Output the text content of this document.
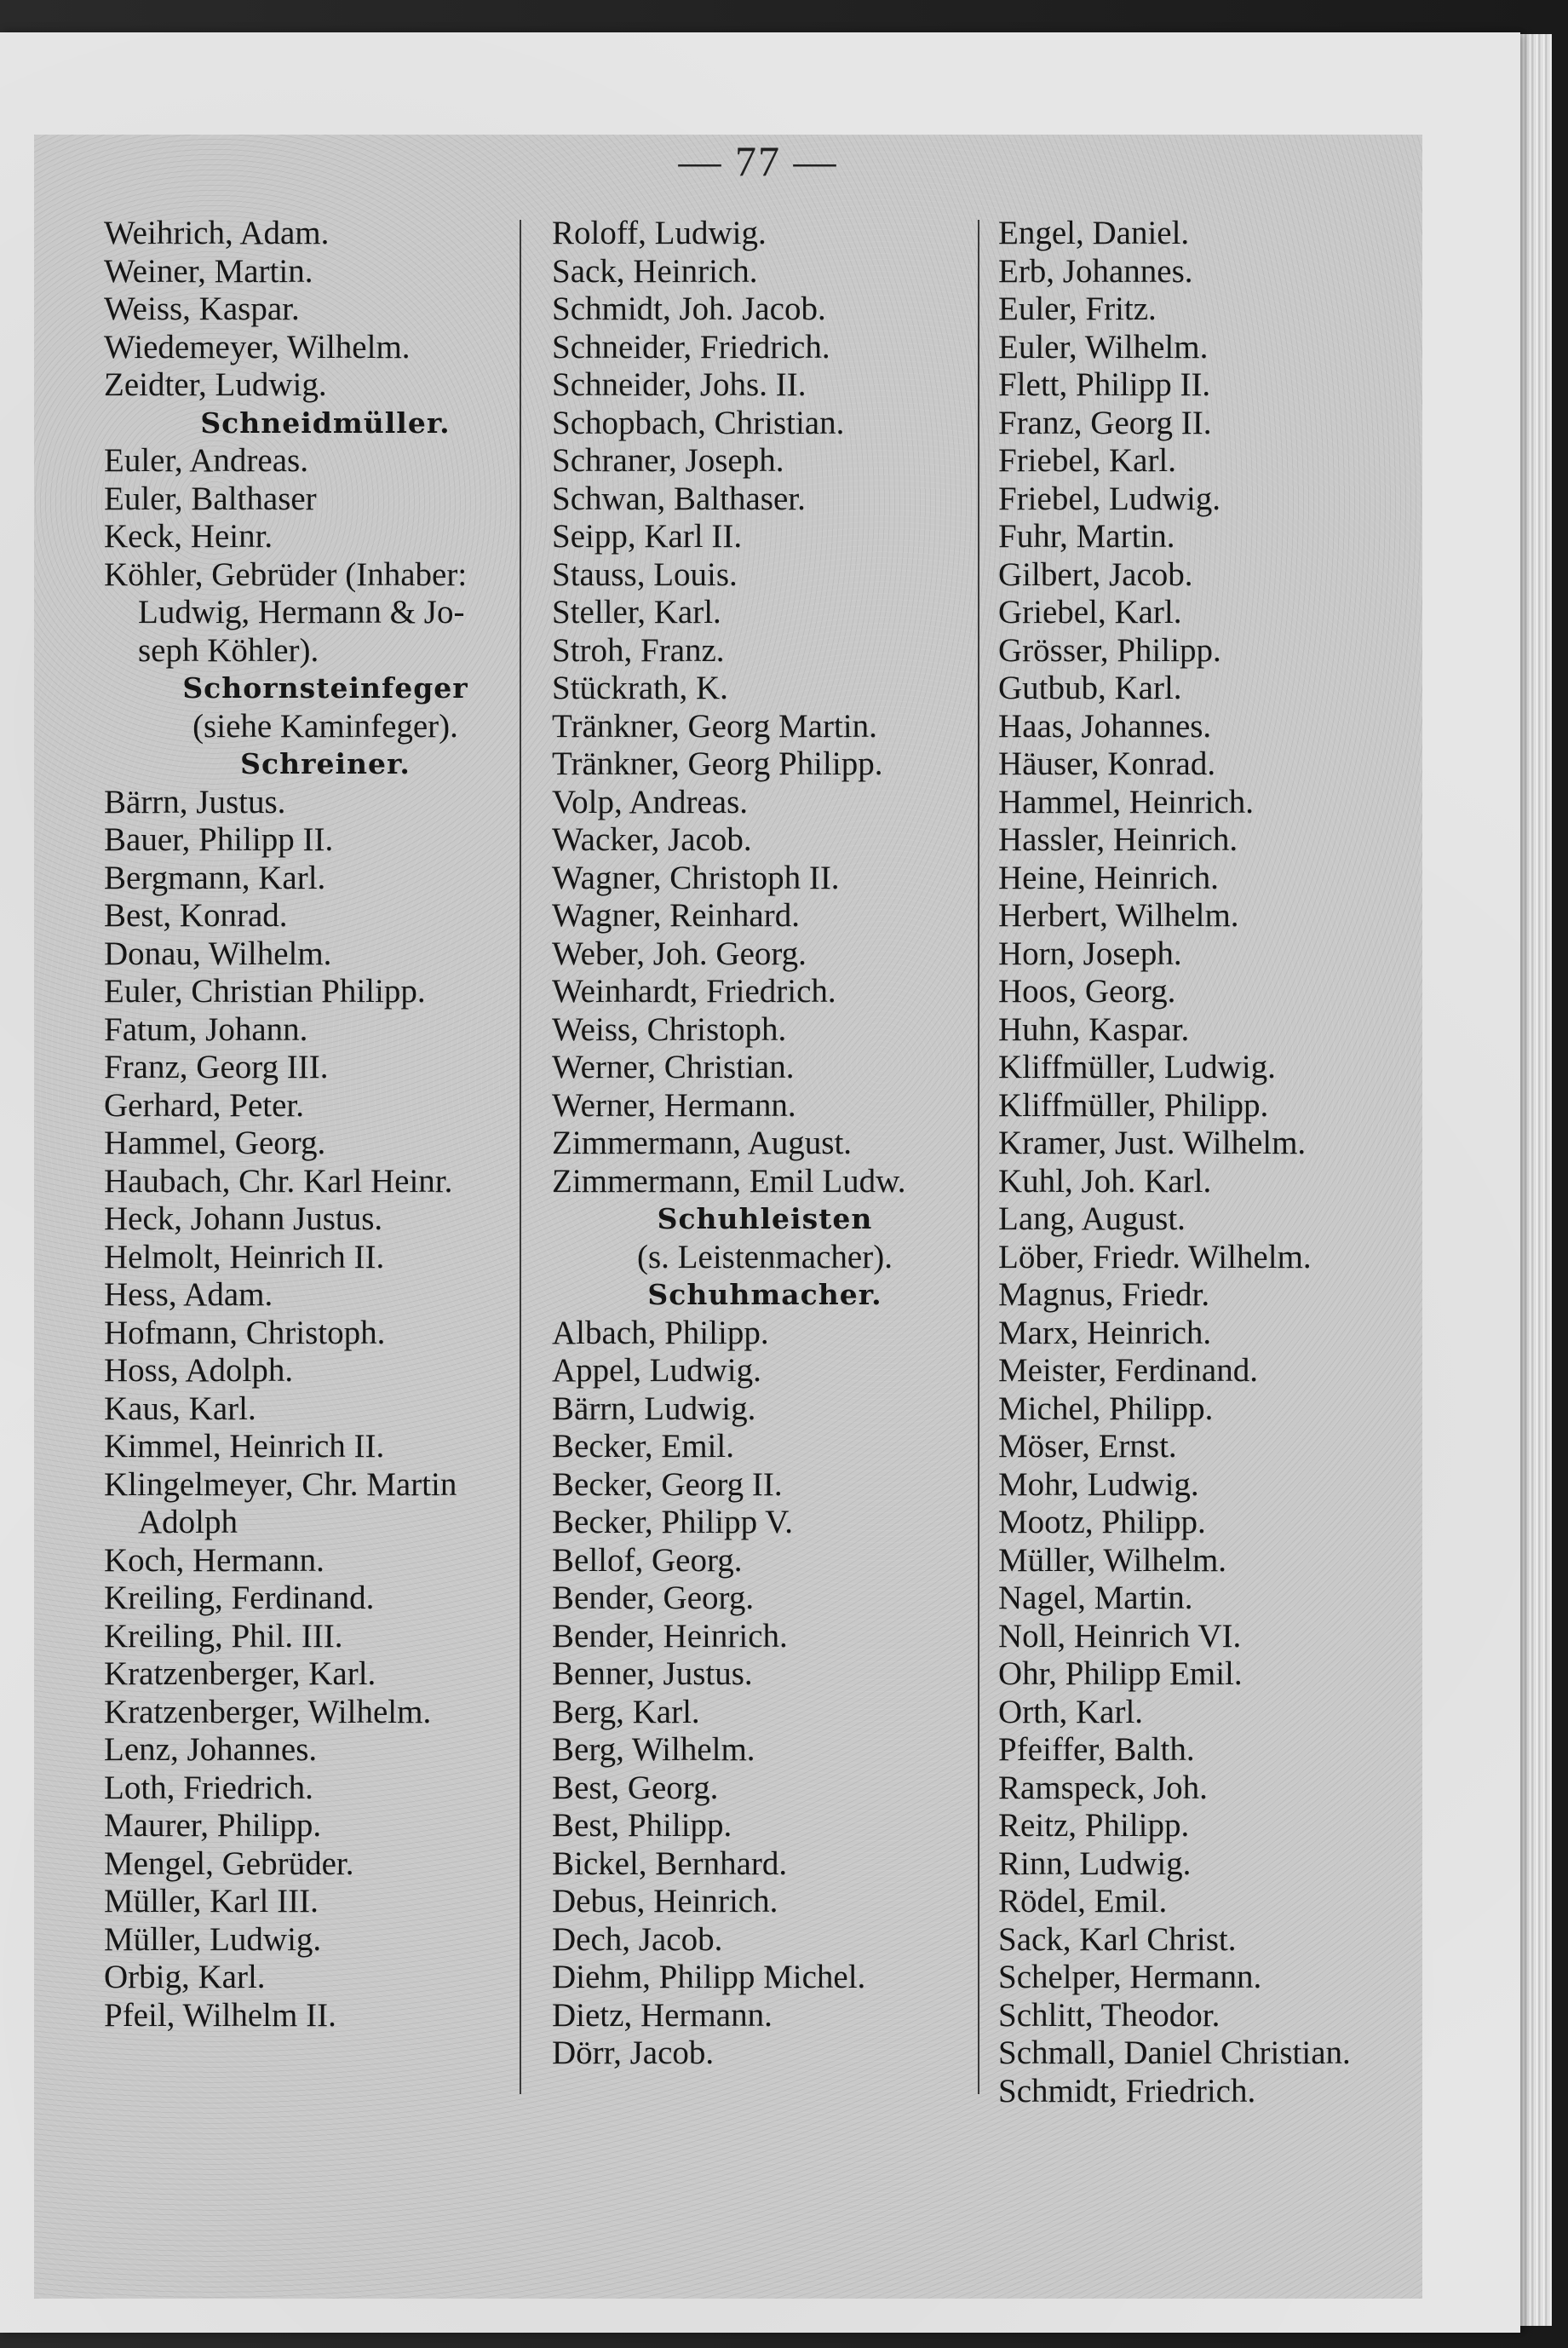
— 77 —
Weihrich, Adam.
Weiner, Martin.
Weiss, Kaspar.
Wiedemeyer, Wilhelm.
Zeidter, Ludwig.
Schneidmüller.
Euler, Andreas.
Euler, Balthaser
Keck, Heinr.
Köhler, Gebrüder (Inhaber:
Ludwig, Hermann & Jo-
seph Köhler).
Schornsteinfeger
(siehe Kaminfeger).
Schreiner.
Bärrn, Justus.
Bauer, Philipp II.
Bergmann, Karl.
Best, Konrad.
Donau, Wilhelm.
Euler, Christian Philipp.
Fatum, Johann.
Franz, Georg III.
Gerhard, Peter.
Hammel, Georg.
Haubach, Chr. Karl Heinr.
Heck, Johann Justus.
Helmolt, Heinrich II.
Hess, Adam.
Hofmann, Christoph.
Hoss, Adolph.
Kaus, Karl.
Kimmel, Heinrich II.
Klingelmeyer, Chr. Martin
Adolph
Koch, Hermann.
Kreiling, Ferdinand.
Kreiling, Phil. III.
Kratzenberger, Karl.
Kratzenberger, Wilhelm.
Lenz, Johannes.
Loth, Friedrich.
Maurer, Philipp.
Mengel, Gebrüder.
Müller, Karl III.
Müller, Ludwig.
Orbig, Karl.
Pfeil, Wilhelm II.
Roloff, Ludwig.
Sack, Heinrich.
Schmidt, Joh. Jacob.
Schneider, Friedrich.
Schneider, Johs. II.
Schopbach, Christian.
Schraner, Joseph.
Schwan, Balthaser.
Seipp, Karl II.
Stauss, Louis.
Steller, Karl.
Stroh, Franz.
Stückrath, K.
Tränkner, Georg Martin.
Tränkner, Georg Philipp.
Volp, Andreas.
Wacker, Jacob.
Wagner, Christoph II.
Wagner, Reinhard.
Weber, Joh. Georg.
Weinhardt, Friedrich.
Weiss, Christoph.
Werner, Christian.
Werner, Hermann.
Zimmermann, August.
Zimmermann, Emil Ludw.
Schuhleisten
(s. Leistenmacher).
Schuhmacher.
Albach, Philipp.
Appel, Ludwig.
Bärrn, Ludwig.
Becker, Emil.
Becker, Georg II.
Becker, Philipp V.
Bellof, Georg.
Bender, Georg.
Bender, Heinrich.
Benner, Justus.
Berg, Karl.
Berg, Wilhelm.
Best, Georg.
Best, Philipp.
Bickel, Bernhard.
Debus, Heinrich.
Dech, Jacob.
Diehm, Philipp Michel.
Dietz, Hermann.
Dörr, Jacob.
Engel, Daniel.
Erb, Johannes.
Euler, Fritz.
Euler, Wilhelm.
Flett, Philipp II.
Franz, Georg II.
Friebel, Karl.
Friebel, Ludwig.
Fuhr, Martin.
Gilbert, Jacob.
Griebel, Karl.
Grösser, Philipp.
Gutbub, Karl.
Haas, Johannes.
Häuser, Konrad.
Hammel, Heinrich.
Hassler, Heinrich.
Heine, Heinrich.
Herbert, Wilhelm.
Horn, Joseph.
Hoos, Georg.
Huhn, Kaspar.
Kliffmüller, Ludwig.
Kliffmüller, Philipp.
Kramer, Just. Wilhelm.
Kuhl, Joh. Karl.
Lang, August.
Löber, Friedr. Wilhelm.
Magnus, Friedr.
Marx, Heinrich.
Meister, Ferdinand.
Michel, Philipp.
Möser, Ernst.
Mohr, Ludwig.
Mootz, Philipp.
Müller, Wilhelm.
Nagel, Martin.
Noll, Heinrich VI.
Ohr, Philipp Emil.
Orth, Karl.
Pfeiffer, Balth.
Ramspeck, Joh.
Reitz, Philipp.
Rinn, Ludwig.
Rödel, Emil.
Sack, Karl Christ.
Schelper, Hermann.
Schlitt, Theodor.
Schmall, Daniel Christian.
Schmidt, Friedrich.
